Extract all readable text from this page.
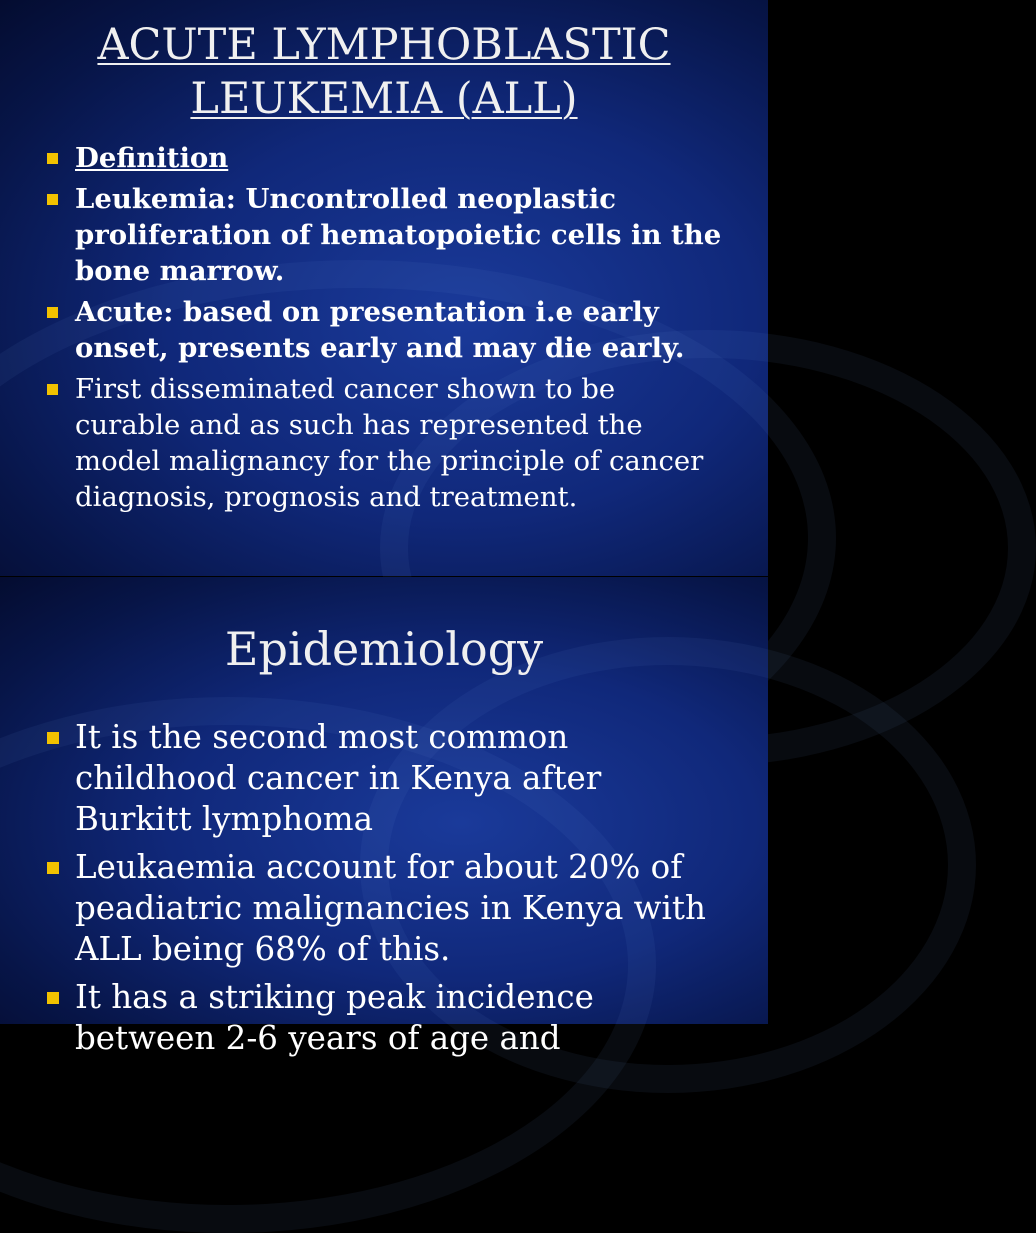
ACUTE LYMPHOBLASTIC
LEUKEMIA (ALL)
Definition
Leukemia: Uncontrolled neoplastic proliferation of hematopoietic cells in the bone marrow.
Acute: based on presentation i.e early onset, presents early and may die early.
First disseminated cancer shown to be curable and as such has represented the model malignancy for the principle of cancer diagnosis, prognosis and treatment.
Epidemiology
It is the second most common childhood cancer in Kenya after Burkitt lymphoma
Leukaemia account for about 20% of peadiatric malignancies in Kenya with ALL being 68% of this.
It has a striking peak incidence between 2-6 years of age and
